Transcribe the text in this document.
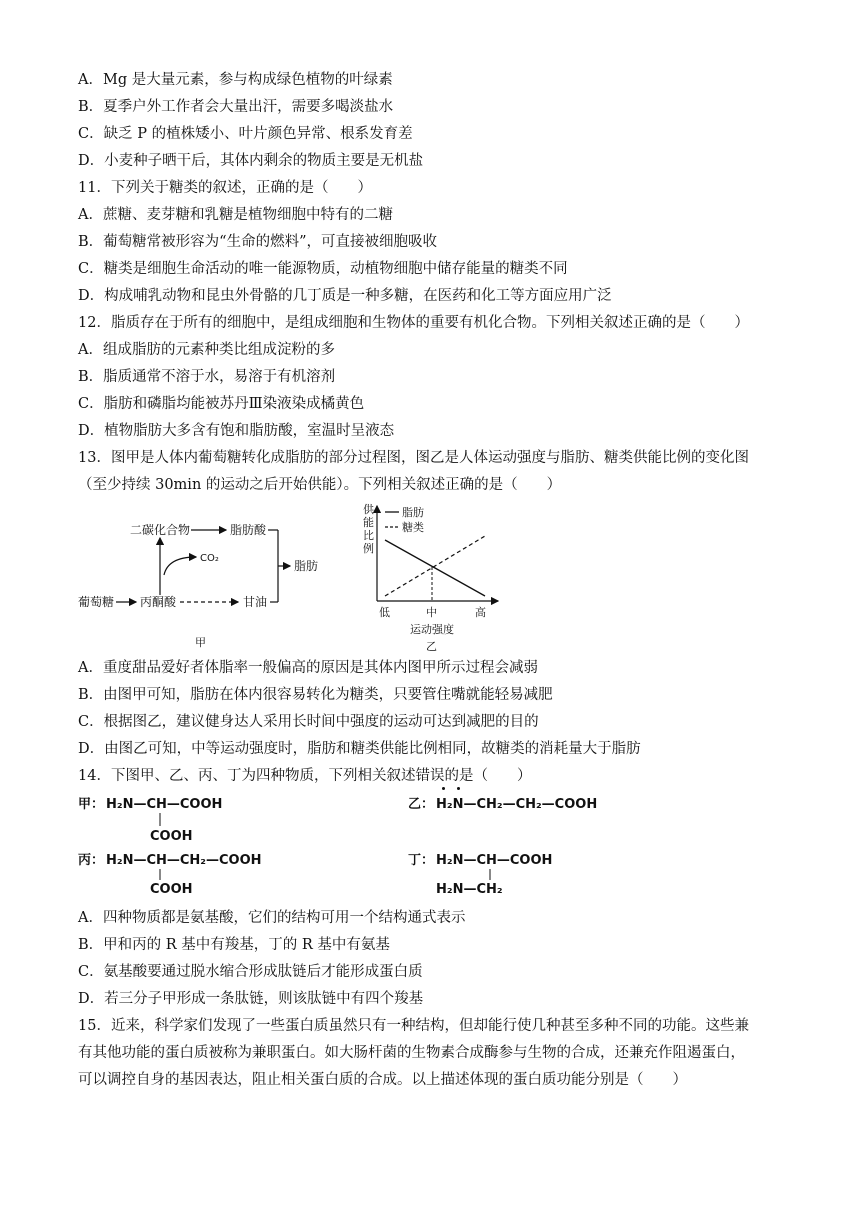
A．Mg 是大量元素，参与构成绿色植物的叶绿素
B．夏季户外工作者会大量出汗，需要多喝淡盐水
C．缺乏 P 的植株矮小、叶片颜色异常、根系发育差
D．小麦种子晒干后，其体内剩余的物质主要是无机盐
11．下列关于糖类的叙述，正确的是（　　）
A．蔗糖、麦芽糖和乳糖是植物细胞中特有的二糖
B．葡萄糖常被形容为“生命的燃料”，可直接被细胞吸收
C．糖类是细胞生命活动的唯一能源物质，动植物细胞中储存能量的糖类不同
D．构成哺乳动物和昆虫外骨骼的几丁质是一种多糖，在医药和化工等方面应用广泛
12．脂质存在于所有的细胞中，是组成细胞和生物体的重要有机化合物。下列相关叙述正确的是（　　）
A．组成脂肪的元素种类比组成淀粉的多
B．脂质通常不溶于水，易溶于有机溶剂
C．脂肪和磷脂均能被苏丹Ⅲ染液染成橘黄色
D．植物脂肪大多含有饱和脂肪酸，室温时呈液态
13．图甲是人体内葡萄糖转化成脂肪的部分过程图，图乙是人体运动强度与脂肪、糖类供能比例的变化图
（至少持续 30min 的运动之后开始供能）。下列相关叙述正确的是（　　）
二碳化合物	脂肪酸
CO₂
葡萄糖 丙酮酸	甘油
脂肪
甲
供
能
比
例
脂肪
糖类
低	中	高
运动强度
乙
A．重度甜品爱好者体脂率一般偏高的原因是其体内图甲所示过程会减弱
B．由图甲可知，脂肪在体内很容易转化为糖类，只要管住嘴就能轻易减肥
C．根据图乙，建议健身达人采用长时间中强度的运动可达到减肥的目的
D．由图乙可知，中等运动强度时，脂肪和糖类供能比例相同，故糖类的消耗量大于脂肪
14．下图甲、乙、丙、丁为四种物质，下列相关叙述错误的是（　　）
甲： H₂N—CH—COOH
COOH
乙： H₂N—CH₂—CH₂—COOH
丙： H₂N—CH—CH₂—COOH
COOH
丁： H₂N—CH—COOH
H₂N—CH₂
A．四种物质都是氨基酸，它们的结构可用一个结构通式表示
B．甲和丙的 R 基中有羧基，丁的 R 基中有氨基
C．氨基酸要通过脱水缩合形成肽链后才能形成蛋白质
D．若三分子甲形成一条肽链，则该肽链中有四个羧基
15．近来，科学家们发现了一些蛋白质虽然只有一种结构，但却能行使几种甚至多种不同的功能。这些兼
有其他功能的蛋白质被称为兼职蛋白。如大肠杆菌的生物素合成酶参与生物的合成，还兼充作阻遏蛋白，
可以调控自身的基因表达，阻止相关蛋白质的合成。以上描述体现的蛋白质功能分别是（　　）
